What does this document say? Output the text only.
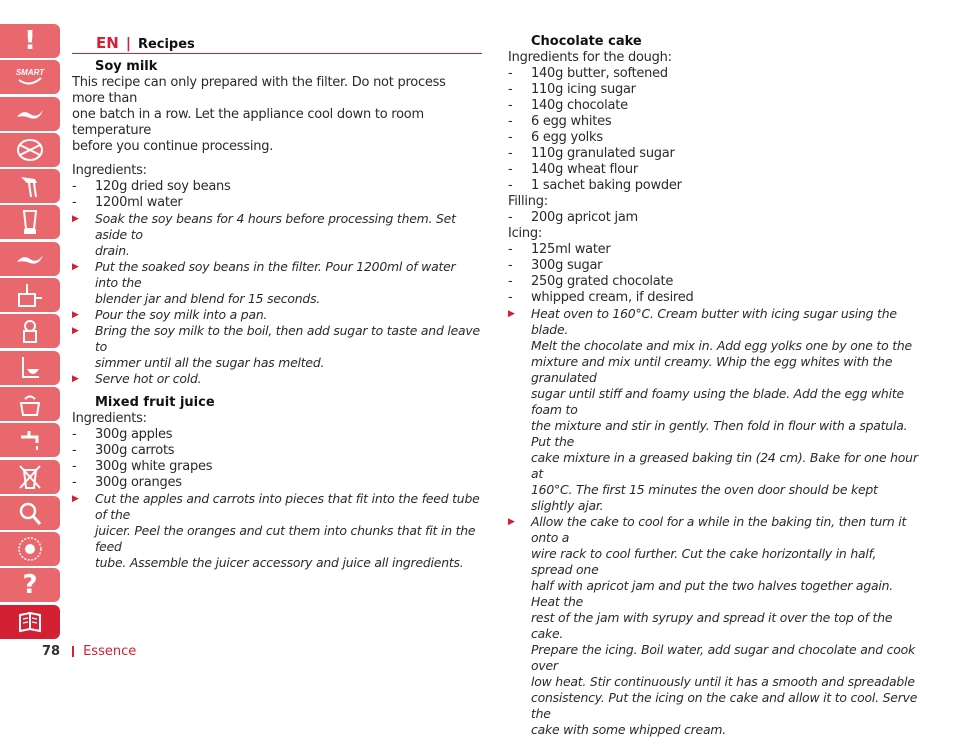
!
SMART
?
EN | Recipes
Soy milk
This recipe can only prepared with the filter. Do not process more than
one batch in a row. Let the appliance cool down to room temperature
before you continue processing.
Ingredients:
-	120g dried soy beans
-	1200ml water
▶	Soak the soy beans for 4 hours before processing them. Set aside to
drain.
▶	Put the soaked soy beans in the filter. Pour 1200ml of water into the
blender jar and blend for 15 seconds.
▶	Pour the soy milk into a pan.
▶	Bring the soy milk to the boil, then add sugar to taste and leave to
simmer until all the sugar has melted.
▶	Serve hot or cold.
Mixed fruit juice
Ingredients:
-	300g apples
-	300g carrots
-	300g white grapes
-	300g oranges
▶	Cut the apples and carrots into pieces that fit into the feed tube of the
juicer. Peel the oranges and cut them into chunks that fit in the feed
tube. Assemble the juicer accessory and juice all ingredients.
Chocolate cake
Ingredients for the dough:
-	140g butter, softened
-	110g icing sugar
-	140g chocolate
-	6 egg whites
-	6 egg yolks
-	110g granulated sugar
-	140g wheat flour
-	1 sachet baking powder
Filling:
-	200g apricot jam
Icing:
-	125ml water
-	300g sugar
-	250g grated chocolate
-	whipped cream, if desired
▶	Heat oven to 160°C. Cream butter with icing sugar using the blade.
Melt the chocolate and mix in. Add egg yolks one by one to the
mixture and mix until creamy. Whip the egg whites with the granulated
sugar until stiff and foamy using the blade. Add the egg white foam to
the mixture and stir in gently. Then fold in flour with a spatula. Put the
cake mixture in a greased baking tin (24 cm). Bake for one hour at
160°C. The first 15 minutes the oven door should be kept slightly ajar.
▶	Allow the cake to cool for a while in the baking tin, then turn it onto a
wire rack to cool further. Cut the cake horizontally in half, spread one
half with apricot jam and put the two halves together again. Heat the
rest of the jam with syrupy and spread it over the top of the cake.
Prepare the icing. Boil water, add sugar and chocolate and cook over
low heat. Stir continuously until it has a smooth and spreadable
consistency. Put the icing on the cake and allow it to cool. Serve the
cake with some whipped cream.
78 Essence
